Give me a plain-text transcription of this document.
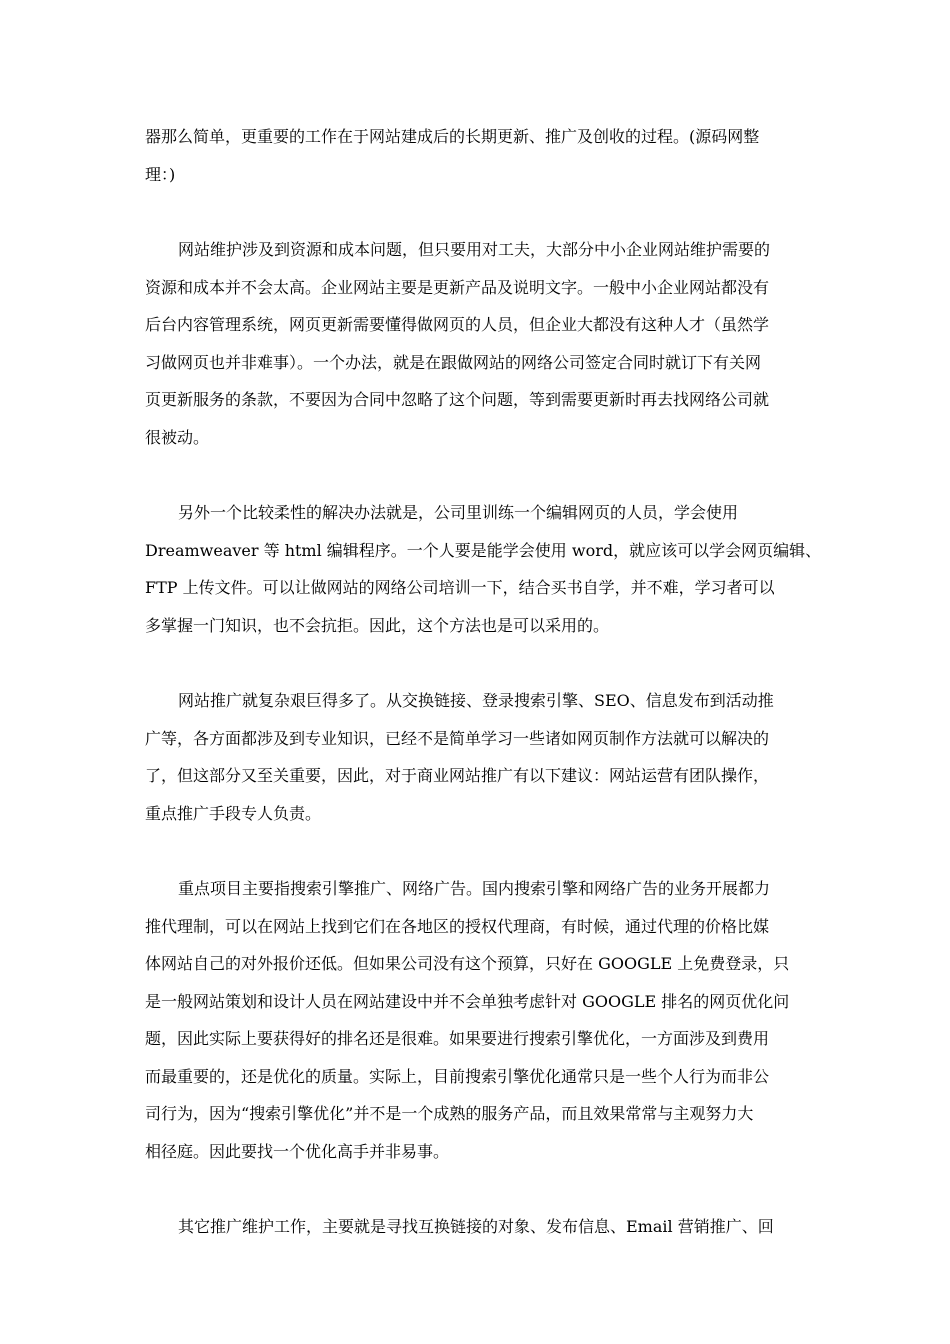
器那么简单，更重要的工作在于网站建成后的长期更新、推广及创收的过程。(源码网整
理：)
网站维护涉及到资源和成本问题，但只要用对工夫，大部分中小企业网站维护需要的
资源和成本并不会太高。企业网站主要是更新产品及说明文字。一般中小企业网站都没有
后台内容管理系统，网页更新需要懂得做网页的人员，但企业大都没有这种人才（虽然学
习做网页也并非难事）。一个办法，就是在跟做网站的网络公司签定合同时就订下有关网
页更新服务的条款，不要因为合同中忽略了这个问题，等到需要更新时再去找网络公司就
很被动。
另外一个比较柔性的解决办法就是，公司里训练一个编辑网页的人员，学会使用
Dreamweaver 等 html 编辑程序。一个人要是能学会使用 word，就应该可以学会网页编辑、
FTP 上传文件。可以让做网站的网络公司培训一下，结合买书自学，并不难，学习者可以
多掌握一门知识，也不会抗拒。因此，这个方法也是可以采用的。
网站推广就复杂艰巨得多了。从交换链接、登录搜索引擎、SEO、信息发布到活动推
广等，各方面都涉及到专业知识，已经不是简单学习一些诸如网页制作方法就可以解决的
了，但这部分又至关重要，因此，对于商业网站推广有以下建议：网站运营有团队操作，
重点推广手段专人负责。
重点项目主要指搜索引擎推广、网络广告。国内搜索引擎和网络广告的业务开展都力
推代理制，可以在网站上找到它们在各地区的授权代理商，有时候，通过代理的价格比媒
体网站自己的对外报价还低。但如果公司没有这个预算，只好在 GOOGLE 上免费登录，只
是一般网站策划和设计人员在网站建设中并不会单独考虑针对 GOOGLE 排名的网页优化问
题，因此实际上要获得好的排名还是很难。如果要进行搜索引擎优化，一方面涉及到费用
而最重要的，还是优化的质量。实际上，目前搜索引擎优化通常只是一些个人行为而非公
司行为，因为“搜索引擎优化”并不是一个成熟的服务产品，而且效果常常与主观努力大
相径庭。因此要找一个优化高手并非易事。
其它推广维护工作，主要就是寻找互换链接的对象、发布信息、Email 营销推广、回
